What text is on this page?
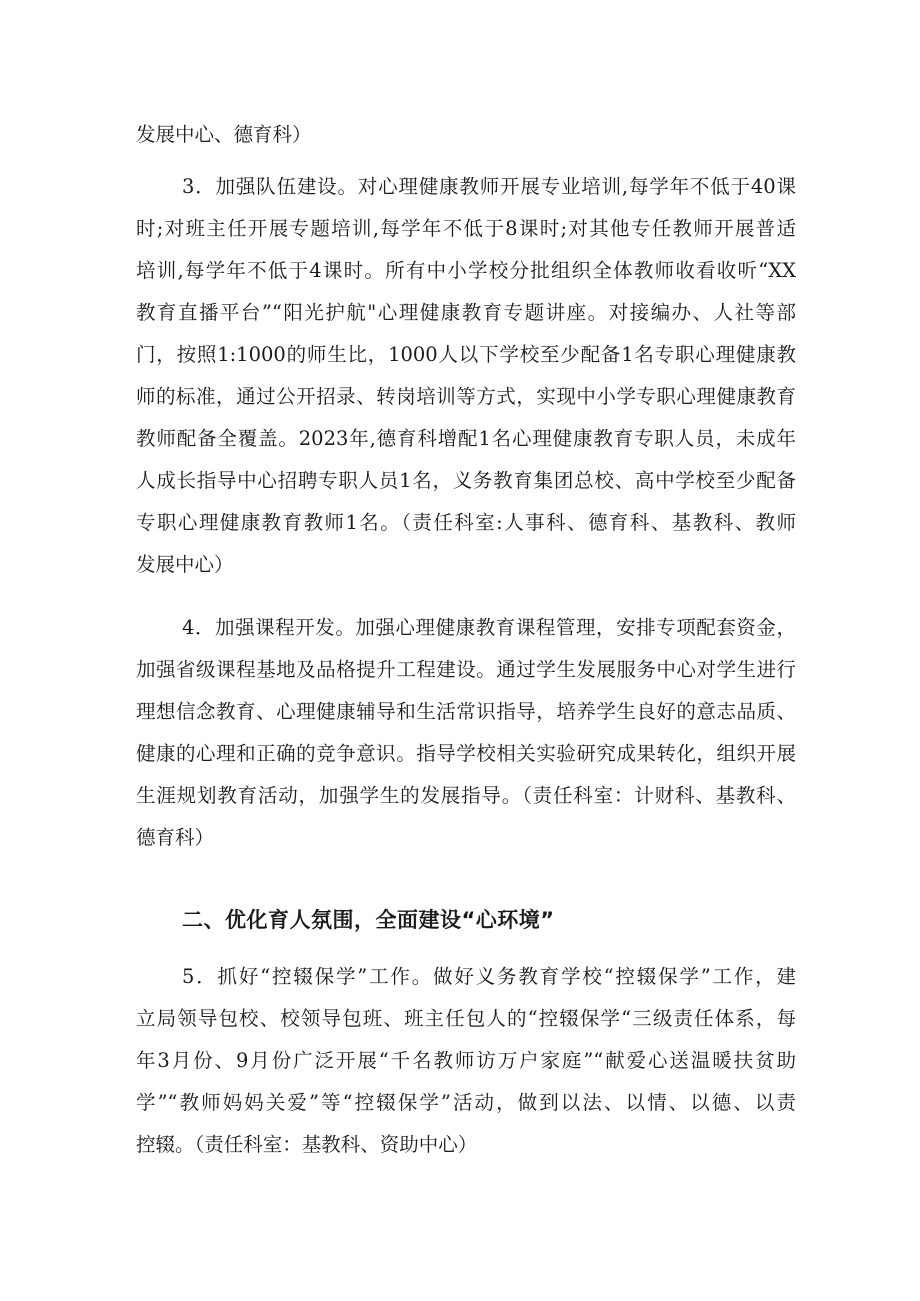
发展中心、德育科）
3．加强队伍建设。对心理健康教师开展专业培训,每学年不低于40课
时;对班主任开展专题培训,每学年不低于8课时;对其他专任教师开展普适
培训,每学年不低于4课时。所有中小学校分批组织全体教师收看收听“XX
教育直播平台”“阳光护航"心理健康教育专题讲座。对接编办、人社等部
门，按照1:1000的师生比，1000人以下学校至少配备1名专职心理健康教
师的标准，通过公开招录、转岗培训等方式，实现中小学专职心理健康教育
教师配备全覆盖。2023年,德育科增配1名心理健康教育专职人员，未成年
人成长指导中心招聘专职人员1名，义务教育集团总校、高中学校至少配备
专职心理健康教育教师1名。（责任科室:人事科、德育科、基教科、教师
发展中心）
4．加强课程开发。加强心理健康教育课程管理，安排专项配套资金，
加强省级课程基地及品格提升工程建设。通过学生发展服务中心对学生进行
理想信念教育、心理健康辅导和生活常识指导，培养学生良好的意志品质、
健康的心理和正确的竞争意识。指导学校相关实验研究成果转化，组织开展
生涯规划教育活动，加强学生的发展指导。（责任科室：计财科、基教科、
德育科）
二、优化育人氛围，全面建设“心环境”
5．抓好“控辍保学”工作。做好义务教育学校“控辍保学”工作，建
立局领导包校、校领导包班、班主任包人的“控辍保学“三级责任体系，每
年3月份、9月份广泛开展“千名教师访万户家庭”“献爱心送温暖扶贫助
学”“教师妈妈关爱”等“控辍保学”活动，做到以法、以情、以德、以责
控辍。（责任科室：基教科、资助中心）
